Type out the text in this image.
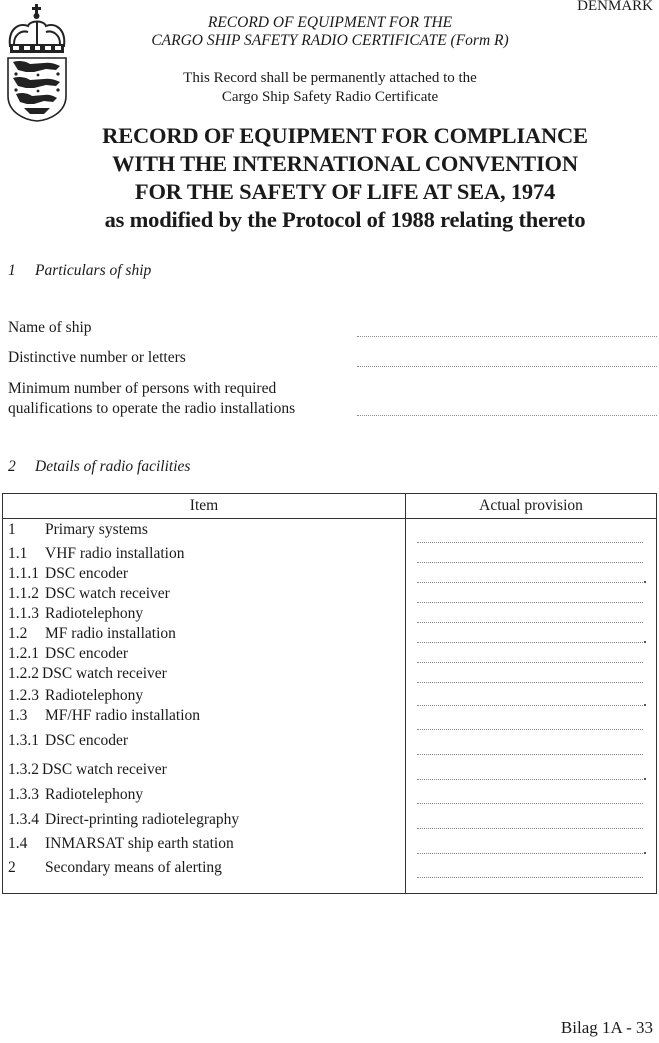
DENMARK
RECORD OF EQUIPMENT FOR THE
CARGO SHIP SAFETY RADIO CERTIFICATE (Form R)
This Record shall be permanently attached to the
Cargo Ship Safety Radio Certificate
RECORD OF EQUIPMENT FOR COMPLIANCE
WITH THE INTERNATIONAL CONVENTION
FOR THE SAFETY OF LIFE AT SEA, 1974
as modified by the Protocol of 1988 relating thereto
1 Particulars of ship
Name of ship
Distinctive number or letters
Minimum number of persons with required
qualifications to operate the radio installations
2 Details of radio facilities
Item	Actual provision

1 Primary systems
1.1 VHF radio installation
1.1.1 DSC encoder
1.1.2 DSC watch receiver
1.1.3 Radiotelephony
1.2 MF radio installation
1.2.1 DSC encoder
1.2.2 DSC watch receiver
1.2.3 Radiotelephony
1.3 MF/HF radio installation
1.3.1 DSC encoder
1.3.2 DSC watch receiver
1.3.3 Radiotelephony
1.3.4 Direct-printing radiotelegraphy
1.4 INMARSAT ship earth station
2 Secondary means of alerting
Bilag 1A - 33
